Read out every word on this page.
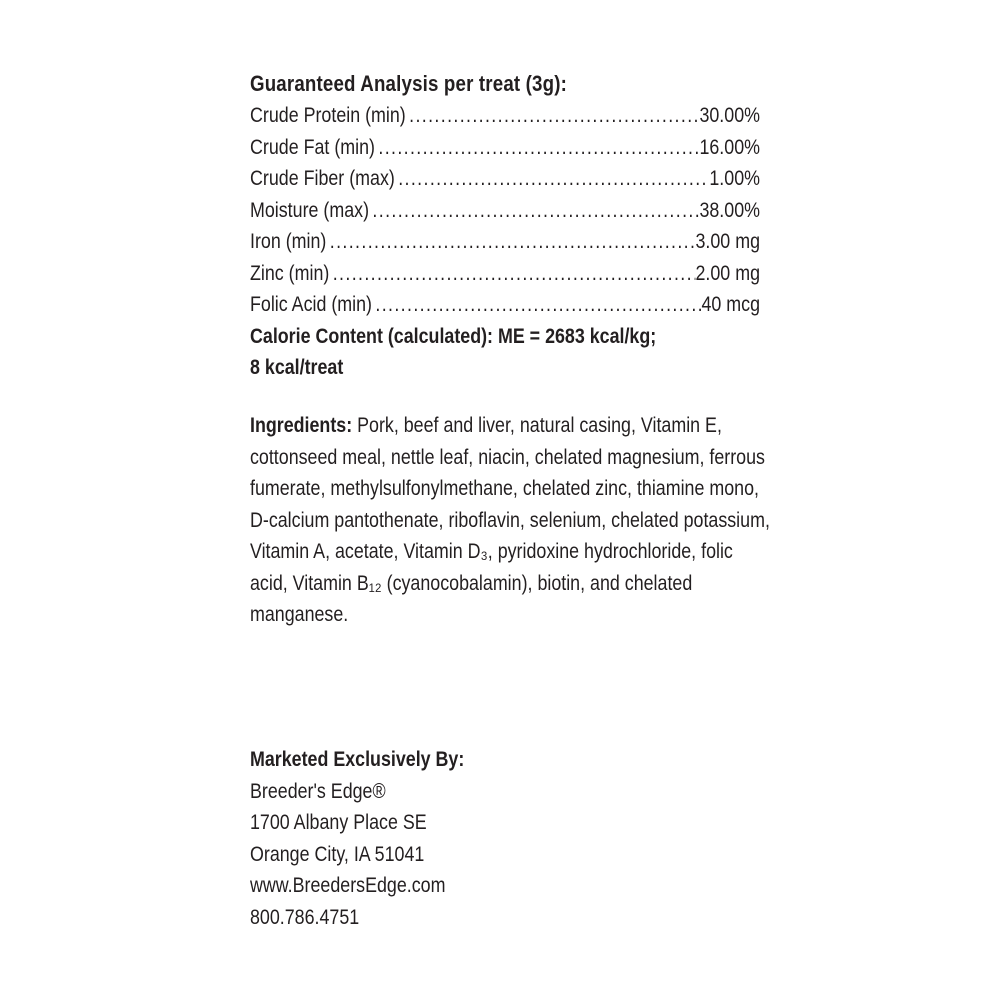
Guaranteed Analysis per treat (3g):
Crude Protein (min) .....	30.00%
Crude Fat (min) .....	16.00%
Crude Fiber (max) .....	1.00%
Moisture (max) .....	38.00%
Iron (min) .....	3.00 mg
Zinc (min) .....	2.00 mg
Folic Acid (min) .....	40 mcg

Calorie Content (calculated): ME = 2683 kcal/kg;

8 kcal/treat

Ingredients: Pork, beef and liver, natural casing, Vitamin E, cottonseed meal, nettle leaf, niacin, chelated magnesium, ferrous fumerate, methylsulfonylmethane, chelated zinc, thiamine mono, D-calcium pantothenate, riboflavin, selenium, chelated potassium, Vitamin A, acetate, Vitamin D₃, pyridoxine hydrochloride, folic acid, Vitamin B₁₂ (cyanocobalamin), biotin, and chelated manganese.

Marketed Exclusively By:

Breeder's Edge®

1700 Albany Place SE

Orange City, IA 51041

www.BreedersEdge.com

800.786.4751
